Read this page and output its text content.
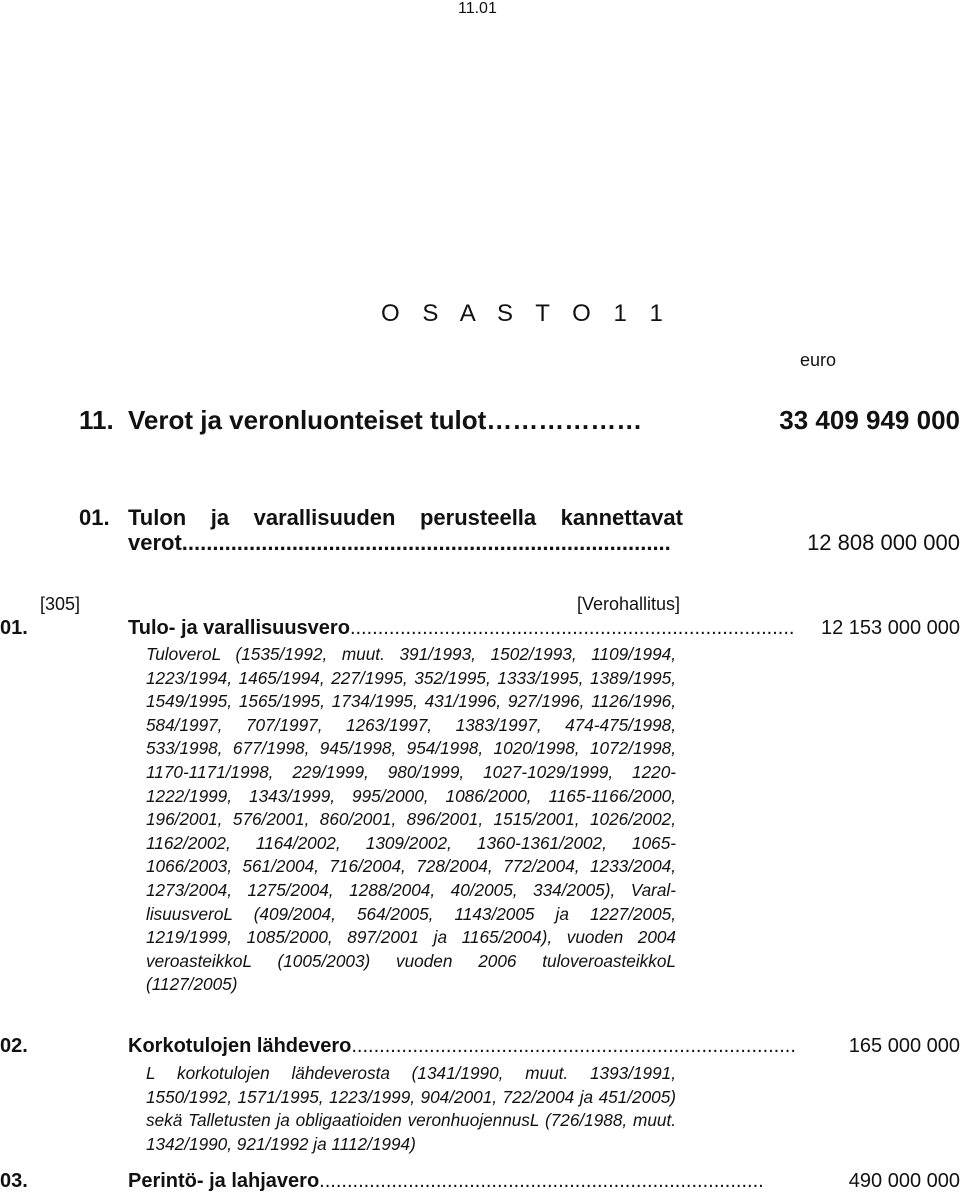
11.01
O S A S T O 1 1
euro
11. Verot ja veronluonteiset tulot………………	33 409 949 000
01. Tulon ja varallisuuden perusteella kannettavat
verot................................................................................	12 808 000 000
[305]	[Verohallitus]
01.	Tulo- ja varallisuusvero................................................................................ 12 153 000 000
TuloveroL (1535/1992, muut. 391/1993, 1502/1993, 1109/1994, 1223/1994, 1465/1994, 227/1995, 352/1995, 1333/1995, 1389/1995, 1549/1995, 1565/1995, 1734/1995, 431/1996, 927/1996, 1126/1996, 584/1997, 707/1997, 1263/1997, 1383/1997, 474-475/1998, 533/1998, 677/1998, 945/1998, 954/1998, 1020/1998, 1072/1998, 1170-1171/1998, 229/1999, 980/1999, 1027-1029/1999, 1220-1222/1999, 1343/1999, 995/2000, 1086/2000, 1165-1166/2000, 196/2001, 576/2001, 860/2001, 896/2001, 1515/2001, 1026/2002, 1162/2002, 1164/2002, 1309/2002, 1360-1361/2002, 1065-1066/2003, 561/2004, 716/2004, 728/2004, 772/2004, 1233/2004, 1273/2004, 1275/2004, 1288/2004, 40/2005, 334/2005), VarallisuusveroL (409/2004, 564/2005, 1143/2005 ja 1227/2005, 1219/1999, 1085/2000, 897/2001 ja 1165/2004), vuoden 2004 veroasteikkoL (1005/2003) vuoden 2006 tuloveroasteikkoL (1127/2005)
02.	Korkotulojen lähdevero................................................................................	165 000 000
L korkotulojen lähdeverosta (1341/1990, muut. 1393/1991, 1550/1992, 1571/1995, 1223/1999, 904/2001, 722/2004 ja 451/2005) sekä Talletusten ja obligaatioiden veronhuojennusL (726/1988, muut. 1342/1990, 921/1992 ja 1112/1994)
03.	Perintö- ja lahjavero................................................................................	490 000 000
